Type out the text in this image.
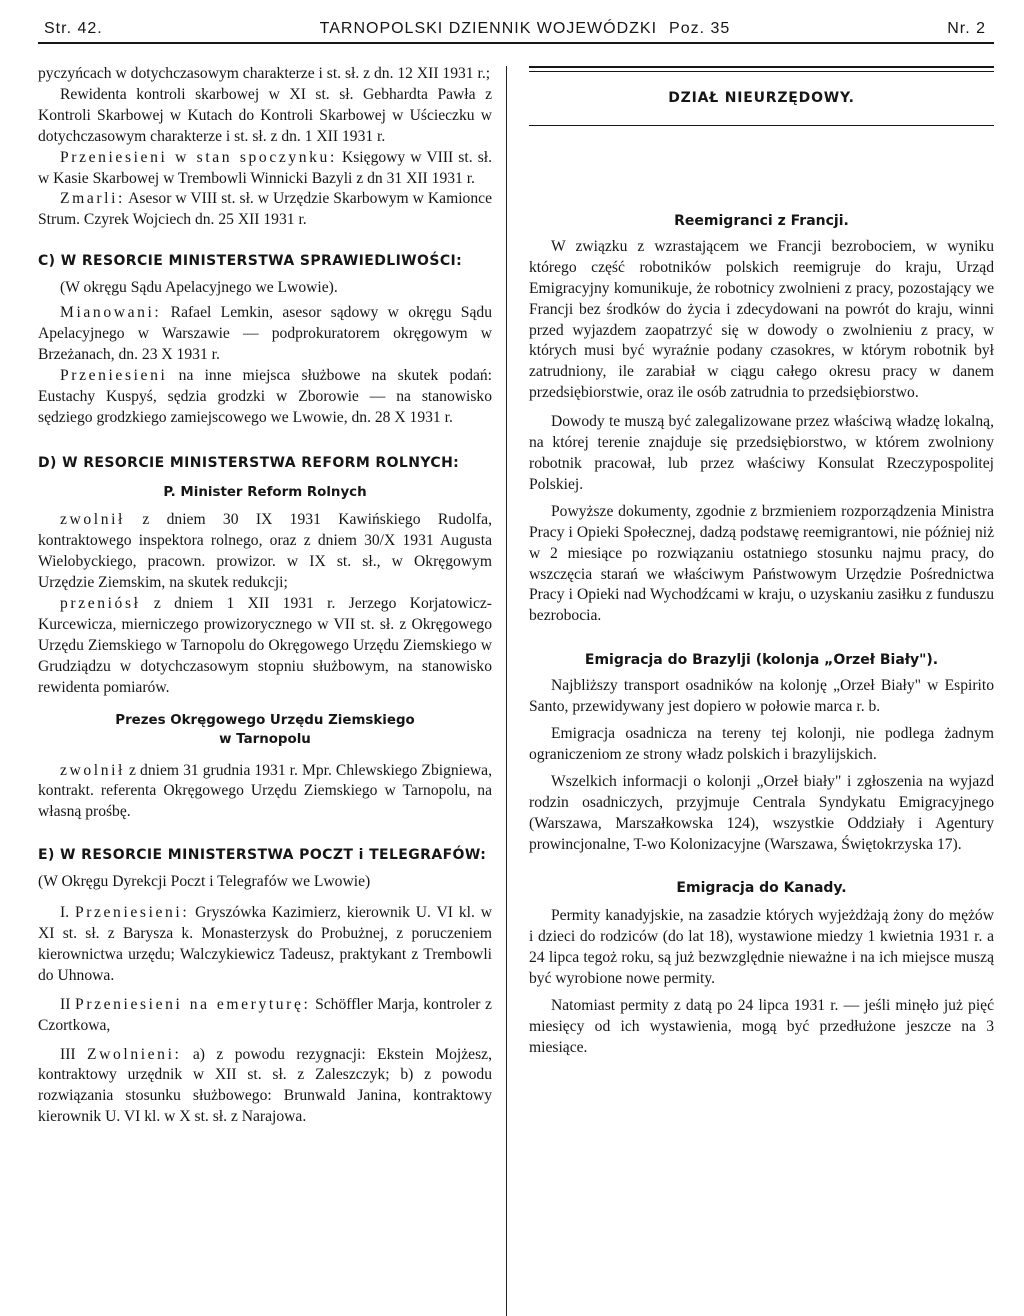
Str. 42.	TARNOPOLSKI DZIENNIK WOJEWÓDZKI Poz. 35	Nr. 2

pyczyńcach w dotychczasowym charakterze i st. sł. z dn. 12 XII 1931 r.;

Rewidenta kontroli skarbowej w XI st. sł. Gebhardta Pawła z Kontroli Skarbowej w Kutach do Kontroli Skarbowej w Uścieczku w dotychczasowym charakterze i st. sł. z dn. 1 XII 1931 r.

Przeniesieni w stan spoczynku: Księgowy w VIII st. sł. w Kasie Skarbowej w Trembowli Winnicki Bazyli z dn 31 XII 1931 r.

Zmarli: Asesor w VIII st. sł. w Urzędzie Skarbowym w Kamionce Strum. Czyrek Wojciech dn. 25 XII 1931 r.

C) W RESORCIE MINISTERSTWA SPRAWIEDLIWOŚCI:

(W okręgu Sądu Apelacyjnego we Lwowie).

Mianowani: Rafael Lemkin, asesor sądowy w okręgu Sądu Apelacyjnego w Warszawie — podprokuratorem okręgowym w Brzeżanach, dn. 23 X 1931 r.

Przeniesieni na inne miejsca służbowe na skutek podań: Eustachy Kuspyś, sędzia grodzki w Zborowie — na stanowisko sędziego grodzkiego zamiejscowego we Lwowie, dn. 28 X 1931 r.

D) W RESORCIE MINISTERSTWA REFORM ROLNYCH:
P. Minister Reform Rolnych

zwolnił z dniem 30 IX 1931 Kawińskiego Rudolfa, kontraktowego inspektora rolnego, oraz z dniem 30/X 1931 Augusta Wielobyckiego, pracown. prowizor. w IX st. sł., w Okręgowym Urzędzie Ziemskim, na skutek redukcji;

przeniósł z dniem 1 XII 1931 r. Jerzego Korjatowicz-Kurcewicza, mierniczego prowizorycznego w VII st. sł. z Okręgowego Urzędu Ziemskiego w Tarnopolu do Okręgowego Urzędu Ziemskiego w Grudziądzu w dotychczasowym stopniu służbowym, na stanowisko rewidenta pomiarów.

Prezes Okręgowego Urzędu Ziemskiego
w Tarnopolu

zwolnił z dniem 31 grudnia 1931 r. Mpr. Chlewskiego Zbigniewa, kontrakt. referenta Okręgowego Urzędu Ziemskiego w Tarnopolu, na własną prośbę.

E) W RESORCIE MINISTERSTWA POCZT i TELEGRAFÓW:

(W Okręgu Dyrekcji Poczt i Telegrafów we Lwowie)

I. Przeniesieni: Gryszówka Kazimierz, kierownik U. VI kl. w XI st. sł. z Barysza k. Monasterzysk do Probużnej, z poruczeniem kierownictwa urzędu; Walczykiewicz Tadeusz, praktykant z Trembowli do Uhnowa.

II Przeniesieni na emeryturę: Schöffler Marja, kontroler z Czortkowa,

III Zwolnieni: a) z powodu rezygnacji: Ekstein Mojżesz, kontraktowy urzędnik w XII st. sł. z Zaleszczyk; b) z powodu rozwiązania stosunku służbowego: Brunwald Janina, kontraktowy kierownik U. VI kl. w X st. sł. z Narajowa.

DZIAŁ NIEURZĘDOWY.
Reemigranci z Francji.

W związku z wzrastającem we Francji bezrobociem, w wyniku którego część robotników polskich reemigruje do kraju, Urząd Emigracyjny komunikuje, że robotnicy zwolnieni z pracy, pozostający we Francji bez środków do życia i zdecydowani na powrót do kraju, winni przed wyjazdem zaopatrzyć się w dowody o zwolnieniu z pracy, w których musi być wyraźnie podany czasokres, w którym robotnik był zatrudniony, ile zarabiał w ciągu całego okresu pracy w danem przedsiębiorstwie, oraz ile osób zatrudnia to przedsiębiorstwo.

Dowody te muszą być zalegalizowane przez właściwą władzę lokalną, na której terenie znajduje się przedsiębiorstwo, w którem zwolniony robotnik pracował, lub przez właściwy Konsulat Rzeczypospolitej Polskiej.

Powyższe dokumenty, zgodnie z brzmieniem rozporządzenia Ministra Pracy i Opieki Społecznej, dadzą podstawę reemigrantowi, nie później niż w 2 miesiące po rozwiązaniu ostatniego stosunku najmu pracy, do wszczęcia starań we właściwym Państwowym Urzędzie Pośrednictwa Pracy i Opieki nad Wychodźcami w kraju, o uzyskaniu zasiłku z funduszu bezrobocia.

Emigracja do Brazylji (kolonja „Orzeł Biały").

Najbliższy transport osadników na kolonję „Orzeł Biały" w Espirito Santo, przewidywany jest dopiero w połowie marca r. b.

Emigracja osadnicza na tereny tej kolonji, nie podlega żadnym ograniczeniom ze strony władz polskich i brazylijskich.

Wszelkich informacji o kolonji „Orzeł biały" i zgłoszenia na wyjazd rodzin osadniczych, przyjmuje Centrala Syndykatu Emigracyjnego (Warszawa, Marszałkowska 124), wszystkie Oddziały i Agentury prowincjonalne, T-wo Kolonizacyjne (Warszawa, Świętokrzyska 17).

Emigracja do Kanady.

Permity kanadyjskie, na zasadzie których wyjeżdżają żony do mężów i dzieci do rodziców (do lat 18), wystawione miedzy 1 kwietnia 1931 r. a 24 lipca tegoż roku, są już bezwzględnie nieważne i na ich miejsce muszą być wyrobione nowe permity.

Natomiast permity z datą po 24 lipca 1931 r. — jeśli minęło już pięć miesięcy od ich wystawienia, mogą być przedłużone jeszcze na 3 miesiące.
